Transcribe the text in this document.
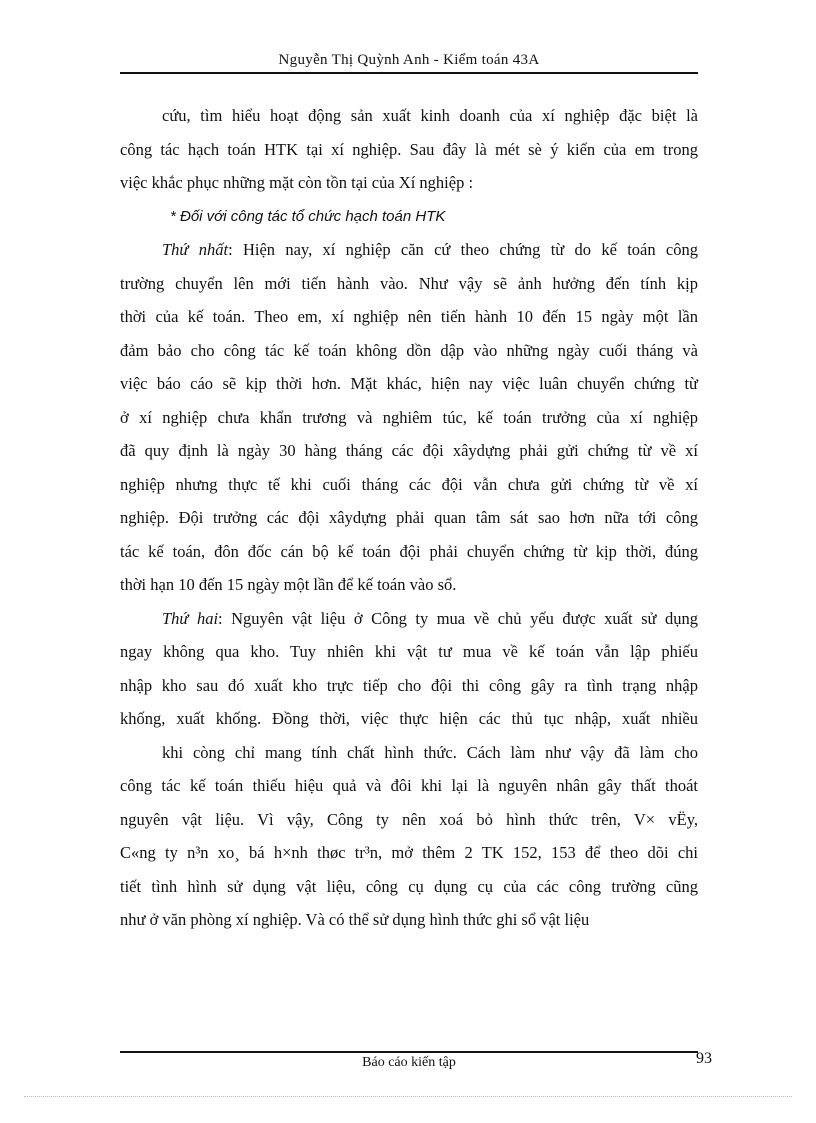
Nguyễn Thị Quỳnh Anh - Kiểm toán 43A
cứu, tìm hiểu hoạt động sản xuất kinh doanh của xí nghiệp đặc biệt là
công tác hạch toán HTK tại xí nghiệp. Sau đây là mét sè ý kiến của em trong
việc khắc phục những mặt còn tồn tại của Xí nghiệp :
* Đối với công tác tổ chức hạch toán HTK
Thứ nhất: Hiện nay, xí nghiệp căn cứ theo chứng từ do kế toán công
trường chuyển lên mới tiến hành vào. Như vậy sẽ ảnh hưởng đến tính kịp
thời của kế toán. Theo em, xí nghiệp nên tiến hành 10 đến 15 ngày một lần
đảm bảo cho công tác kế toán không dồn dập vào những ngày cuối tháng và
việc báo cáo sẽ kịp thời hơn. Mặt khác, hiện nay việc luân chuyển chứng từ
ở xí nghiệp chưa khẩn trương và nghiêm túc, kế toán trưởng của xí nghiệp
đã quy định là ngày 30 hàng tháng các đội xâydựng phải gửi chứng từ về xí
nghiệp nhưng thực tế khi cuối tháng các đội vẫn chưa gửi chứng từ về xí
nghiệp. Đội trưởng các đội xâydựng phải quan tâm sát sao hơn nữa tới công
tác kế toán, đôn đốc cán bộ kế toán đội phải chuyển chứng từ kịp thời, đúng
thời hạn 10 đến 15 ngày một lần để kế toán vào sổ.
Thứ hai: Nguyên vật liệu ở Công ty mua về chủ yếu được xuất sử dụng
ngay không qua kho. Tuy nhiên khi vật tư mua về kế toán vẫn lập phiếu
nhập kho sau đó xuất kho trực tiếp cho đội thi công gây ra tình trạng nhập
khống, xuất khống. Đồng thời, việc thực hiện các thủ tục nhập, xuất nhiều
khi còng chỉ mang tính chất hình thức. Cách làm như vậy đã làm cho
công tác kế toán thiếu hiệu quả và đôi khi lại là nguyên nhân gây thất thoát
nguyên vật liệu. Vì vậy, Công ty nên xoá bỏ hình thức trên, V× vËy,
C«ng ty n³n xo¸ bá h×nh thøc tr³n, mở thêm 2 TK 152, 153 để theo dõi chi
tiết tình hình sử dụng vật liệu, công cụ dụng cụ của các công trường cũng
như ở văn phòng xí nghiệp. Và có thể sử dụng hình thức ghi sổ vật liệu
Báo cáo kiến tập	93
